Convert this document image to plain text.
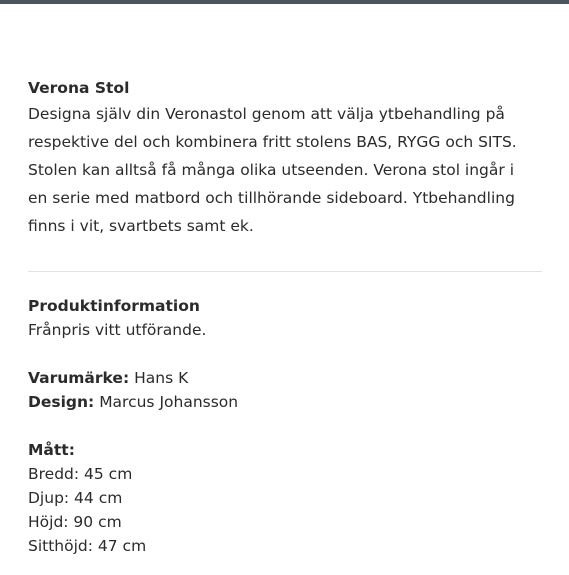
Verona Stol

Designa själv din Veronastol genom att välja ytbehandling på

respektive del och kombinera fritt stolens BAS, RYGG och SITS.

Stolen kan alltså få många olika utseenden. Verona stol ingår i

en serie med matbord och tillhörande sideboard. Ytbehandling

finns i vit, svartbets samt ek.

Produktinformation
Frånpris vitt utförande.
Varumärke: Hans K
Design: Marcus Johansson
Mått:
Bredd: 45 cm
Djup: 44 cm
Höjd: 90 cm
Sitthöjd: 47 cm
